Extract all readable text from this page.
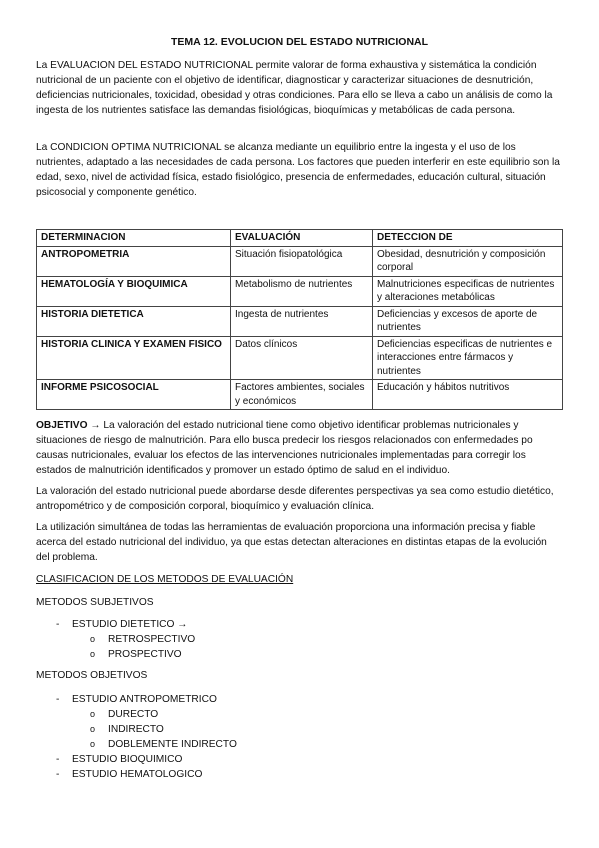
TEMA 12. EVOLUCION DEL ESTADO NUTRICIONAL

La EVALUACION DEL ESTADO NUTRICIONAL permite valorar de forma exhaustiva y sistemática la condición nutricional de un paciente con el objetivo de identificar, diagnosticar y caracterizar situaciones de desnutrición, deficiencias nutricionales, toxicidad, obesidad y otras condiciones. Para ello se lleva a cabo un análisis de como la ingesta de los nutrientes satisface las demandas fisiológicas, bioquímicas y metabólicas de cada persona.

La CONDICION OPTIMA NUTRICIONAL se alcanza mediante un equilibrio entre la ingesta y el uso de los nutrientes, adaptado a las necesidades de cada persona. Los factores que pueden interferir en este equilibrio son la edad, sexo, nivel de actividad física, estado fisiológico, presencia de enfermedades, educación cultural, situación psicosocial y componente genético.

DETERMINACION	EVALUACIÓN	DETECCION DE
ANTROPOMETRIA	Situación fisiopatológica	Obesidad, desnutrición y composición corporal
HEMATOLOGÍA Y BIOQUIMICA	Metabolismo de nutrientes	Malnutriciones especificas de nutrientes y alteraciones metabólicas
HISTORIA DIETETICA	Ingesta de nutrientes	Deficiencias y excesos de aporte de nutrientes
HISTORIA CLINICA Y EXAMEN FISICO	Datos clínicos	Deficiencias especificas de nutrientes e interacciones entre fármacos y nutrientes
INFORME PSICOSOCIAL	Factores ambientes, sociales y económicos	Educación y hábitos nutritivos

OBJETIVO → La valoración del estado nutricional tiene como objetivo identificar problemas nutricionales y situaciones de riesgo de malnutrición. Para ello busca predecir los riesgos relacionados con enfermedades po causas nutricionales, evaluar los efectos de las intervenciones nutricionales implementadas para corregir los estados de malnutrición identificados y promover un estado óptimo de salud en el individuo.

La valoración del estado nutricional puede abordarse desde diferentes perspectivas ya sea como estudio dietético, antropométrico y de composición corporal, bioquímico y evaluación clínica.

La utilización simultánea de todas las herramientas de evaluación proporciona una información precisa y fiable acerca del estado nutricional del individuo, ya que estas detectan alteraciones en distintas etapas de la evolución del problema.

CLASIFICACION DE LOS METODOS DE EVALUACIÓN

METODOS SUBJETIVOS

- ESTUDIO DIETETICO →
o RETROSPECTIVO
o PROSPECTIVO

METODOS OBJETIVOS

- ESTUDIO ANTROPOMETRICO
o DURECTO
o INDIRECTO
o DOBLEMENTE INDIRECTO
- ESTUDIO BIOQUIMICO
- ESTUDIO HEMATOLOGICO
